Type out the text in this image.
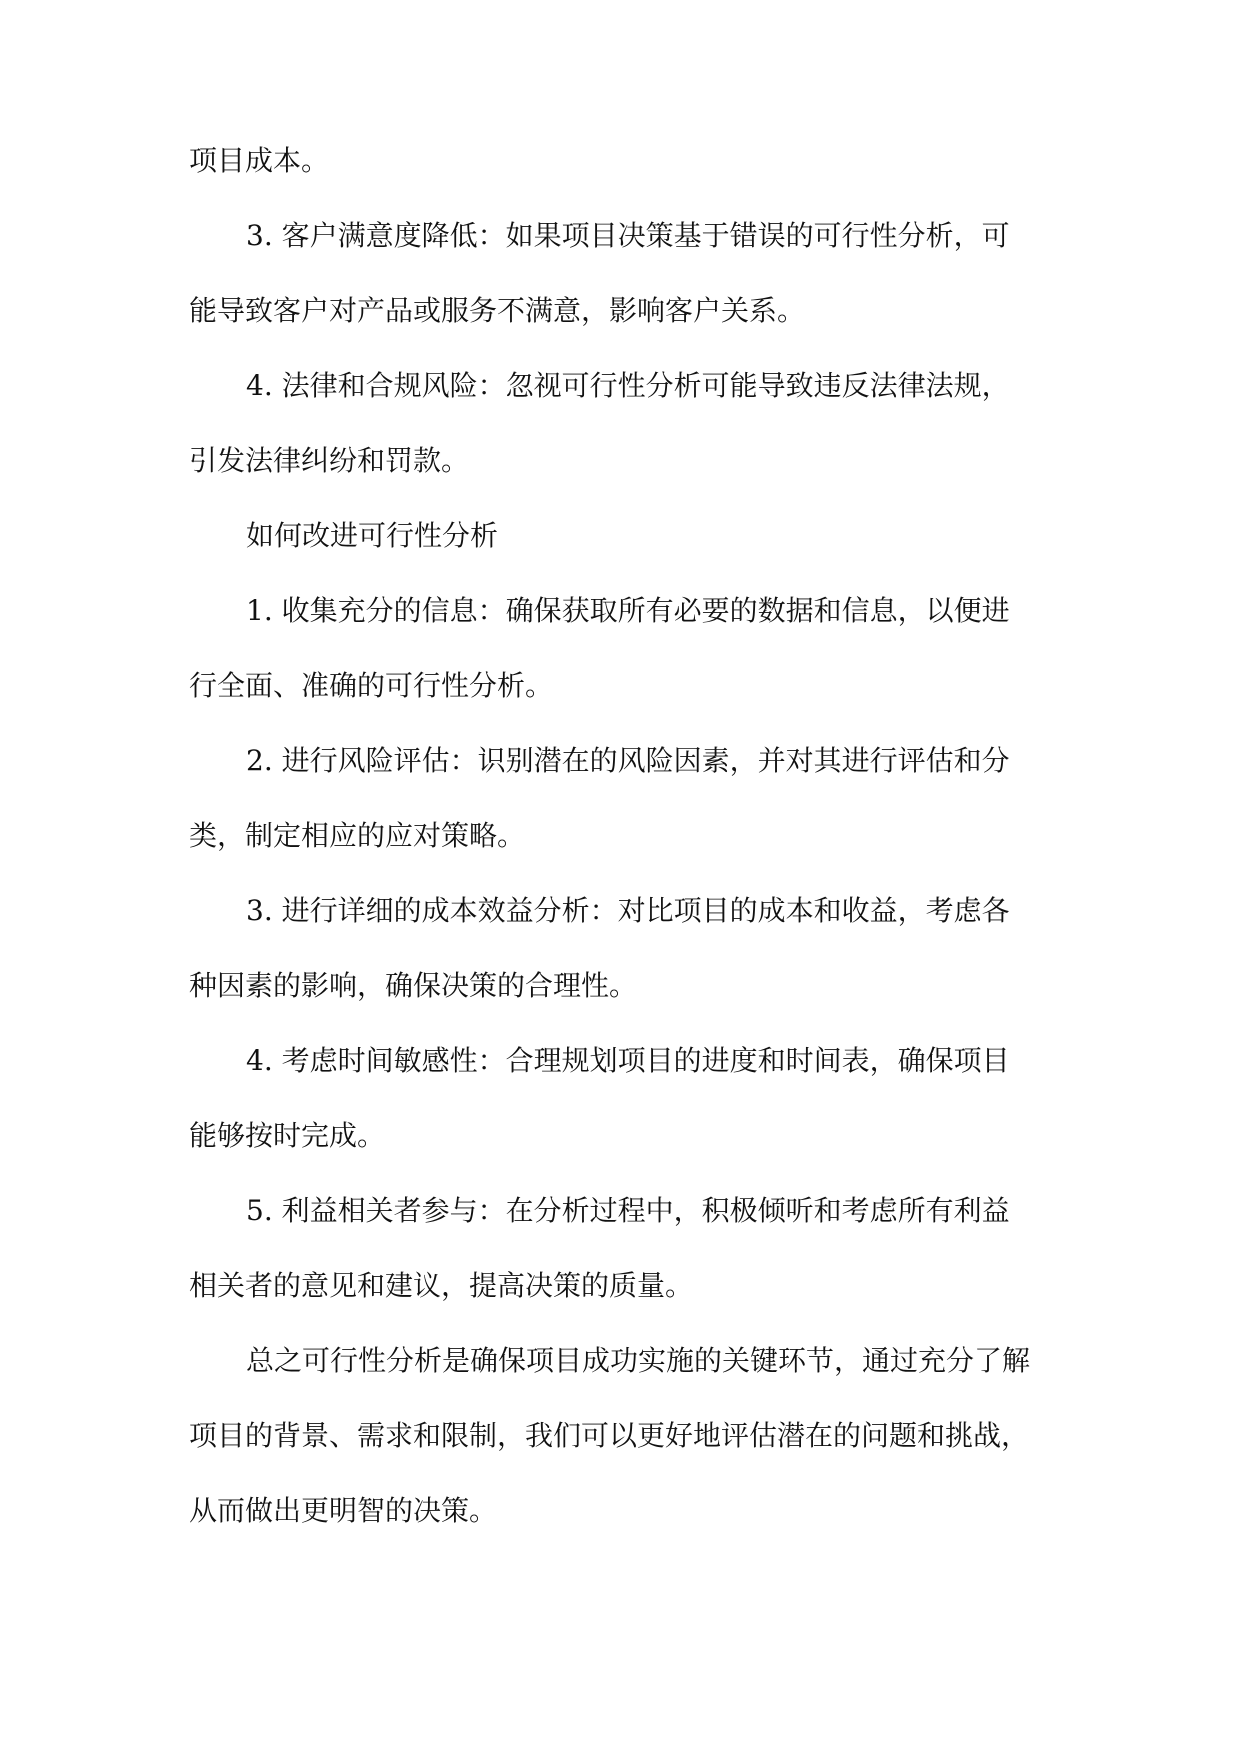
项目成本。
3. 客户满意度降低：如果项目决策基于错误的可行性分析，可
能导致客户对产品或服务不满意，影响客户关系。
4. 法律和合规风险：忽视可行性分析可能导致违反法律法规，
引发法律纠纷和罚款。
如何改进可行性分析
1. 收集充分的信息：确保获取所有必要的数据和信息，以便进
行全面、准确的可行性分析。
2. 进行风险评估：识别潜在的风险因素，并对其进行评估和分
类，制定相应的应对策略。
3. 进行详细的成本效益分析：对比项目的成本和收益，考虑各
种因素的影响，确保决策的合理性。
4. 考虑时间敏感性：合理规划项目的进度和时间表，确保项目
能够按时完成。
5. 利益相关者参与：在分析过程中，积极倾听和考虑所有利益
相关者的意见和建议，提高决策的质量。
总之可行性分析是确保项目成功实施的关键环节，通过充分了解
项目的背景、需求和限制，我们可以更好地评估潜在的问题和挑战，
从而做出更明智的决策。
